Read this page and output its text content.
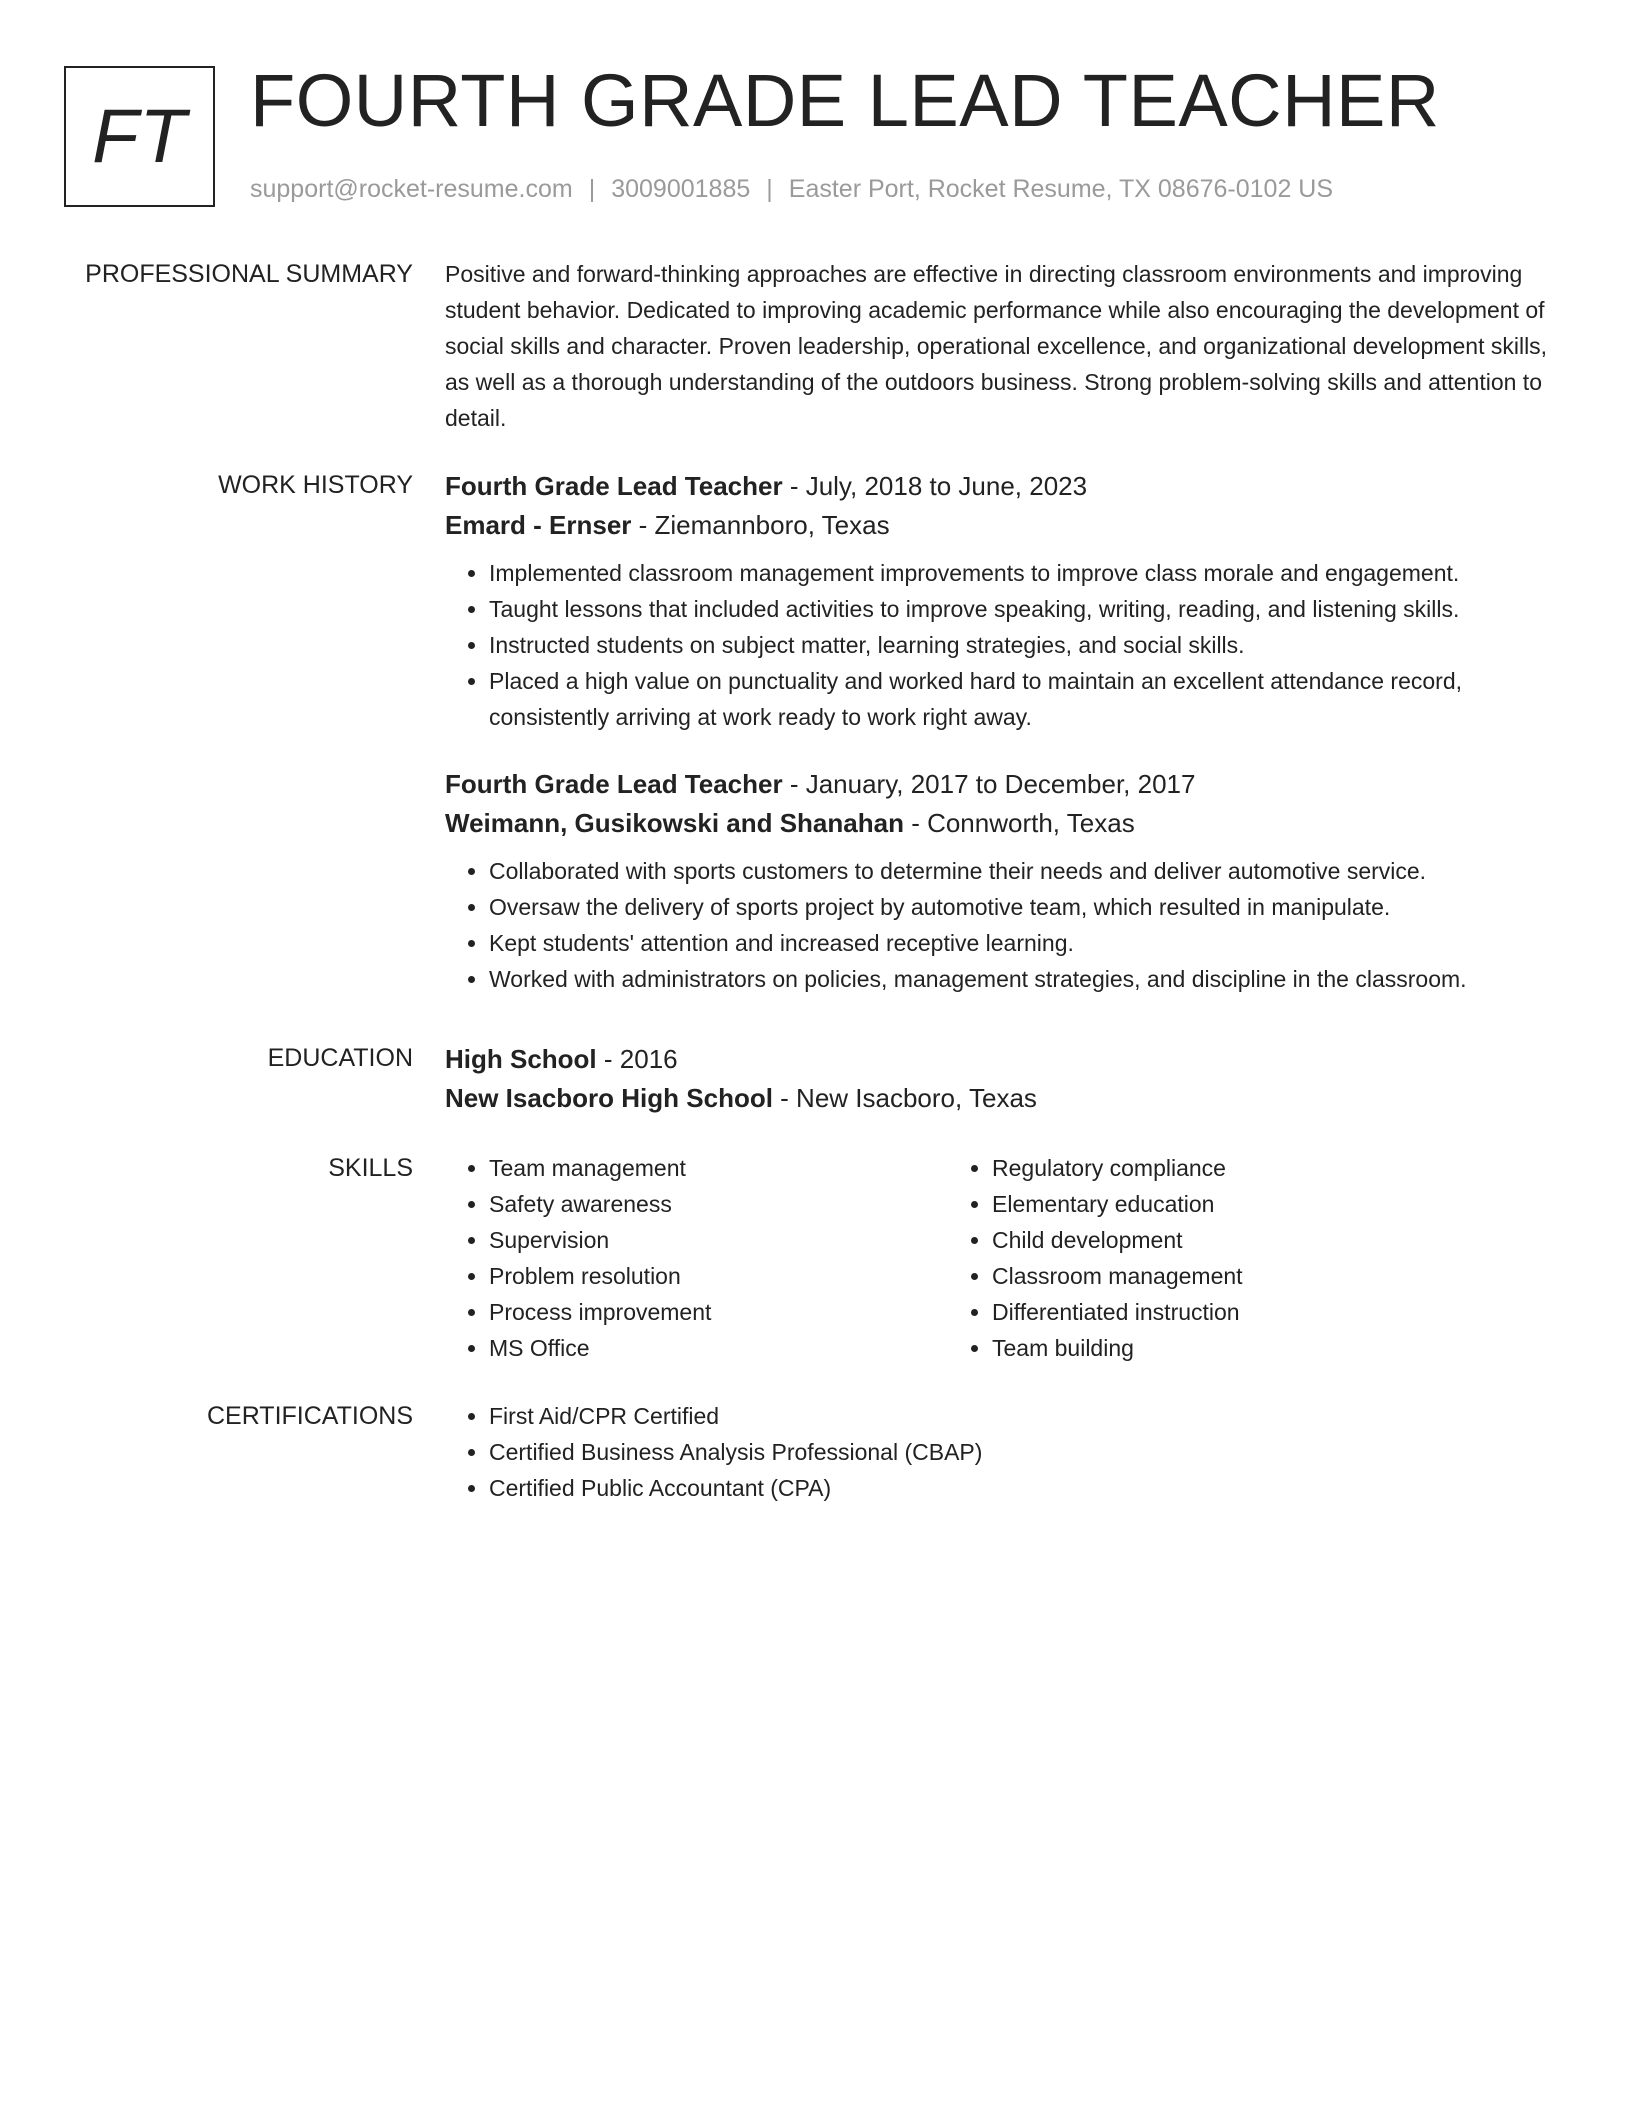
FT FOURTH GRADE LEAD TEACHER
support@rocket-resume.com | 3009001885 | Easter Port, Rocket Resume, TX 08676-0102 US
PROFESSIONAL SUMMARY Positive and forward-thinking approaches are effective in directing classroom environments and improving student behavior. Dedicated to improving academic performance while also encouraging the development of social skills and character. Proven leadership, operational excellence, and organizational development skills, as well as a thorough understanding of the outdoors business. Strong problem-solving skills and attention to detail.

WORK HISTORY Fourth Grade Lead Teacher - July, 2018 to June, 2023
Emard - Ernser - Ziemannboro, Texas
• Implemented classroom management improvements to improve class morale and engagement.
• Taught lessons that included activities to improve speaking, writing, reading, and listening skills.
• Instructed students on subject matter, learning strategies, and social skills.
• Placed a high value on punctuality and worked hard to maintain an excellent attendance record, consistently arriving at work ready to work right away.
Fourth Grade Lead Teacher - January, 2017 to December, 2017
Weimann, Gusikowski and Shanahan - Connworth, Texas
• Collaborated with sports customers to determine their needs and deliver automotive service.
• Oversaw the delivery of sports project by automotive team, which resulted in manipulate.
• Kept students' attention and increased receptive learning.
• Worked with administrators on policies, management strategies, and discipline in the classroom.
EDUCATION High School - 2016
New Isacboro High School - New Isacboro, Texas
SKILLS	• Team management
• Safety awareness
• Supervision
• Problem resolution
• Process improvement
• MS Office
• Regulatory compliance
• Elementary education
• Child development
• Classroom management
• Differentiated instruction
• Team building
CERTIFICATIONS	• First Aid/CPR Certified
• Certified Business Analysis Professional (CBAP)
• Certified Public Accountant (CPA)
